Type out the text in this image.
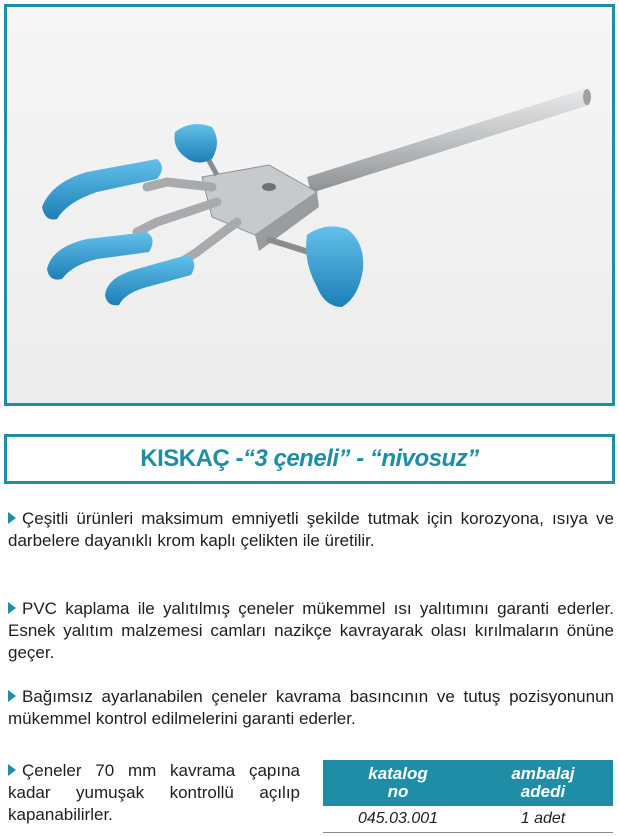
KISKAÇ - “3 çeneli” - “nivosuz”
Çeşitli ürünleri maksimum emniyetli şekilde tutmak için korozyona, ısıya ve darbelere dayanıklı krom kaplı çelikten ile üretilir.
PVC kaplama ile yalıtılmış çeneler mükemmel ısı yalıtımını garanti ederler. Esnek yalıtım malzemesi camları nazikçe kavrayarak olası kırılmaların önüne geçer.
Bağımsız ayarlanabilen çeneler kavrama basıncının ve tutuş pozisyonunun mükemmel kontrol edilmelerini garanti ederler.
Çeneler 70 mm kavrama çapına kadar yumuşak kontrollü açılıp kapanabilirler.
katalog
no
ambalaj
adedi
045.03.001	1 adet
